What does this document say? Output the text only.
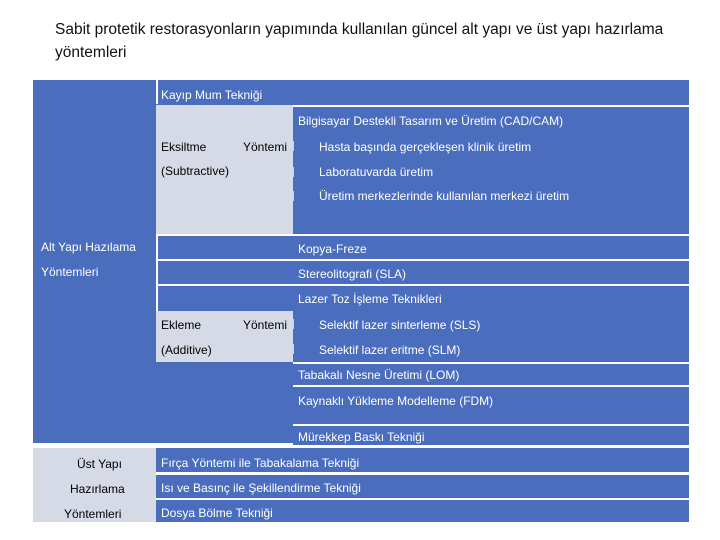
Sabit protetik restorasyonların yapımında kullanılan güncel alt yapı ve üst yapı hazırlama yöntemleri
Alt Yapı Hazılama
Yöntemleri
Kayıp Mum Tekniği
Eksiltme	Yöntemi
(Subtractive)
Bilgisayar Destekli Tasarım ve Üretim (CAD/CAM)
Hasta başında gerçekleşen klinik üretim
Laboratuvarda üretim
Üretim merkezlerinde kullanılan merkezi üretim
Kopya-Freze
Stereolitografi (SLA)
Lazer Toz İşleme Teknikleri
Ekleme	Yöntemi
(Additive)
Selektif lazer sinterleme (SLS)
Selektif lazer eritme (SLM)
Tabakalı Nesne Üretimi (LOM)
Kaynaklı Yükleme Modelleme (FDM)
Mürekkep Baskı Tekniği
Üst Yapı
Hazırlama
Yöntemleri
Fırça Yöntemi ile Tabakalama Tekniği
Isı ve Basınç ile Şekillendirme Tekniği
Dosya Bölme Tekniği
